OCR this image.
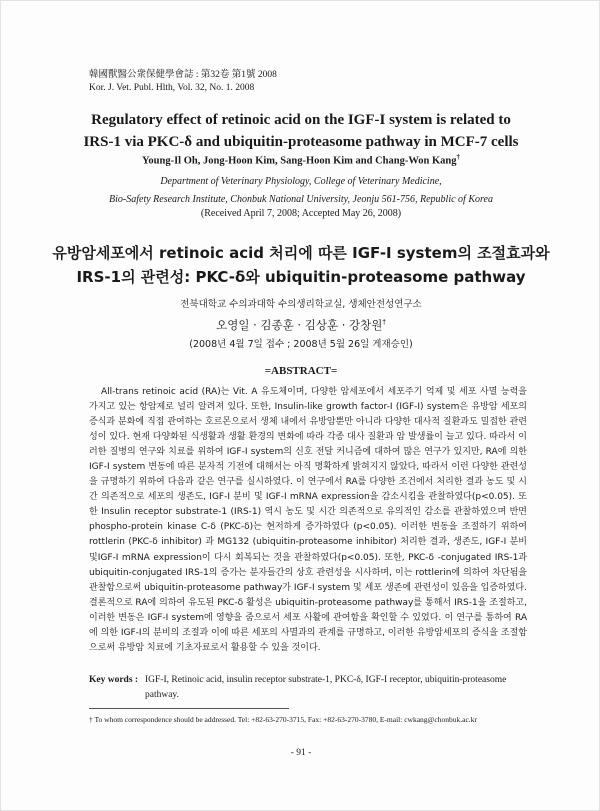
韓國獸醫公衆保健學會誌 : 第32卷 第1號 2008
Kor. J. Vet. Publ. Hlth, Vol. 32, No. 1. 2008
Regulatory effect of retinoic acid on the IGF-I system is related to
IRS-1 via PKC-δ and ubiquitin-proteasome pathway in MCF-7 cells
Young-Il Oh, Jong-Hoon Kim, Sang-Hoon Kim and Chang-Won Kang†
Department of Veterinary Physiology, College of Veterinary Medicine,
Bio-Safety Research Institute, Chonbuk National University, Jeonju 561-756, Republic of Korea
(Received April 7, 2008; Accepted May 26, 2008)
유방암세포에서 retinoic acid 처리에 따른 IGF-I system의 조절효과와
IRS-1의 관련성: PKC-δ와 ubiquitin-proteasome pathway
전북대학교 수의과대학 수의생리학교실, 생체안전성연구소
오영일 · 김종훈 · 김상훈 · 강창원†
(2008년 4월 7일 접수 ; 2008년 5월 26일 게재승인)
=ABSTRACT=

All-trans retinoic acid (RA)는 Vit. A 유도체이며, 다양한 암세포에서 세포주기 억제 및 세포 사멸 능력을 가지고 있는 항암제로 널리 알려져 있다. 또한, Insulin-like growth factor-I (IGF-I) system은 유방암 세포의 증식과 분화에 직접 관여하는 호르몬으로서 생체 내에서 유방암뿐만 아니라 다양한 대사적 질환과도 밀접한 관련성이 있다. 현재 다양화된 식생활과 생활 환경의 변화에 따라 각종 대사 질환과 암 발생률이 늘고 있다. 따라서 이러한 질병의 연구와 치료를 위하여 IGF-I system의 신호 전달 커니즘에 대하여 많은 연구가 있지만, RA에 의한 IGF-I system 변동에 따른 분자적 기전에 대해서는 아직 명확하게 밝혀지지 않았다, 따라서 이런 다양한 관련성을 규명하기 위하여 다음과 같은 연구를 실시하였다. 이 연구에서 RA를 다양한 조건에서 처리한 결과 농도 및 시간 의존적으로 세포의 생존도, IGF-I 분비 및 IGF-I mRNA expression을 감소시킴을 관찰하였다(p<0.05). 또한 Insulin receptor substrate-1 (IRS-1) 역시 농도 및 시간 의존적으로 유의적인 감소를 관찰하였으며 반면 phospho-protein kinase C-δ (PKC-δ)는 현저하게 증가하였다 (p<0.05). 이러한 변동을 조절하기 위하여 rottlerin (PKC-δ inhibitor) 과 MG132 (ubiquitin-proteasome inhibitor) 처리한 결과, 생존도, IGF-I 분비 및IGF-I mRNA expression이 다시 회복되는 것을 관찰하였다(p<0.05). 또한, PKC-δ -conjugated IRS-1과 ubiquitin-conjugated IRS-1의 증가는 분자들간의 상호 관련성을 시사하며, 이는 rottlerin에 의하여 차단됨을 관찰함으로써 ubiquitin-proteasome pathway가 IGF-I system 및 세포 생존에 관련성이 있음을 입증하였다. 결론적으로 RA에 의하여 유도된 PKC-δ 활성은 ubiquitin-proteasome pathway를 통해서 IRS-1을 조절하고, 이러한 변동은 IGF-I system에 영향을 줌으로서 세포 사활에 관여함을 확인할 수 있었다. 이 연구를 통하여 RA에 의한 IGF-I의 분비의 조절과 이에 따른 세포의 사멸과의 관계를 규명하고, 이러한 유방암세포의 증식을 조절함으로써 유방암 치료에 기초자료로서 활용할 수 있을 것이다.

Key words : IGF-I, Retinoic acid, insulin receptor substrate-1, PKC-δ, IGF-I receptor, ubiquitin-proteasome pathway.
† To whom correspondence should be addressed. Tel: +82-63-270-3715, Fax: +82-63-270-3780, E-mail: cwkang@chonbuk.ac.kr
- 91 -
